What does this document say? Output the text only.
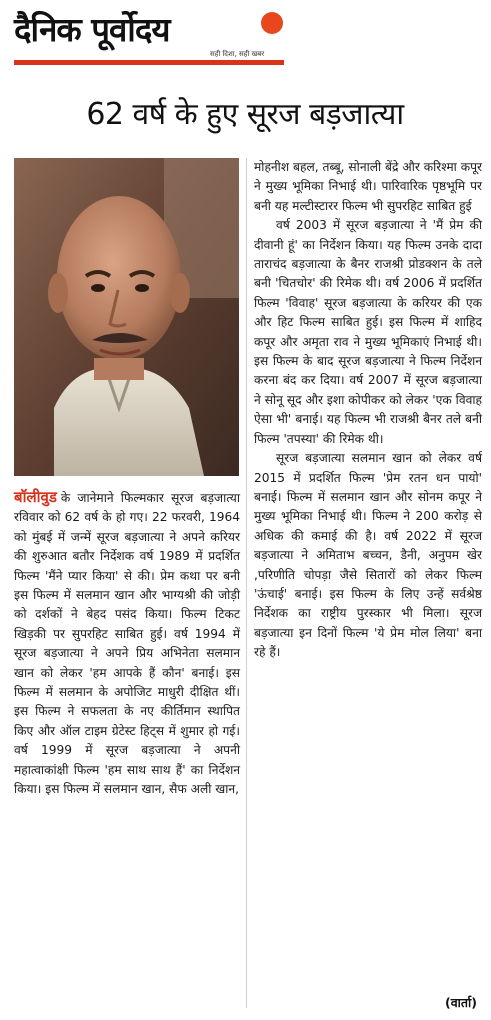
दैनिक पूर्वोदय
सही दिशा, सही खबर
62 वर्ष के हुए सूरज बड़जात्या

बॉलीवुड के जानेमाने फिल्मकार सूरज बड़जात्या रविवार को 62 वर्ष के हो गए। 22 फरवरी, 1964 को मुंबई में जन्में सूरज बड़जात्या ने अपने करियर की शुरुआत बतौर निर्देशक वर्ष 1989 में प्रदर्शित फिल्म 'मैंने प्यार किया' से की। प्रेम कथा पर बनी इस फिल्म में सलमान खान और भाग्यश्री की जोड़ी को दर्शकों ने बेहद पसंद किया। फिल्म टिकट खिड़की पर सुपरहिट साबित हुई। वर्ष 1994 में सूरज बड़जात्या ने अपने प्रिय अभिनेता सलमान खान को लेकर 'हम आपके हैं कौन' बनाई। इस फिल्म में सलमान के अपोजिट माधुरी दीक्षित थीं। इस फिल्म ने सफलता के नए कीर्तिमान स्थापित किए और ऑल टाइम ग्रेटेस्ट हिट्स में शुमार हो गई। वर्ष 1999 में सूरज बड़जात्या ने अपनी महात्वाकांक्षी फिल्म 'हम साथ साथ हैं' का निर्देशन किया। इस फिल्म में सलमान खान, सैफ अली खान,

मोहनीश बहल, तब्बू, सोनाली बेंद्रे और करिश्मा कपूर ने मुख्य भूमिका निभाई थी। पारिवारिक पृष्ठभूमि पर बनी यह मल्टीस्टारर फिल्म भी सुपरहिट साबित हुई

वर्ष 2003 में सूरज बड़जात्या ने 'मैं प्रेम की दीवानी हूं' का निर्देशन किया। यह फिल्म उनके दादा ताराचंद बड़जात्या के बैनर राजश्री प्रोडक्शन के तले बनी 'चितचोर' की रिमेक थी। वर्ष 2006 में प्रदर्शित फिल्म 'विवाह' सूरज बड़जात्या के करियर की एक और हिट फिल्म साबित हुई। इस फिल्म में शाहिद कपूर और अमृता राव ने मुख्य भूमिकाएं निभाई थी। इस फिल्म के बाद सूरज बड़जात्या ने फिल्म निर्देशन करना बंद कर दिया। वर्ष 2007 में सूरज बड़जात्या ने सोनू सूद और इशा कोपीकर को लेकर 'एक विवाह ऐसा भी' बनाई। यह फिल्म भी राजश्री बैनर तले बनी फिल्म 'तपस्या' की रिमेक थी।

सूरज बड़जात्या सलमान खान को लेकर वर्ष 2015 में प्रदर्शित फिल्म 'प्रेम रतन धन पायो' बनाई। फिल्म में सलमान खान और सोनम कपूर ने मुख्य भूमिका निभाई थी। फिल्म ने 200 करोड़ से अधिक की कमाई की है। वर्ष 2022 में सूरज बड़जात्या ने अमिताभ बच्चन, डैनी, अनुपम खेर ,परिणीति चोपड़ा जैसे सितारों को लेकर फिल्म 'ऊंचाई' बनाई। इस फिल्म के लिए उन्हें सर्वश्रेष्ठ निर्देशक का राष्ट्रीय पुरस्कार भी मिला। सूरज बड़जात्या इन दिनों फिल्म 'ये प्रेम मोल लिया' बना रहे हैं।

(वार्ता)
